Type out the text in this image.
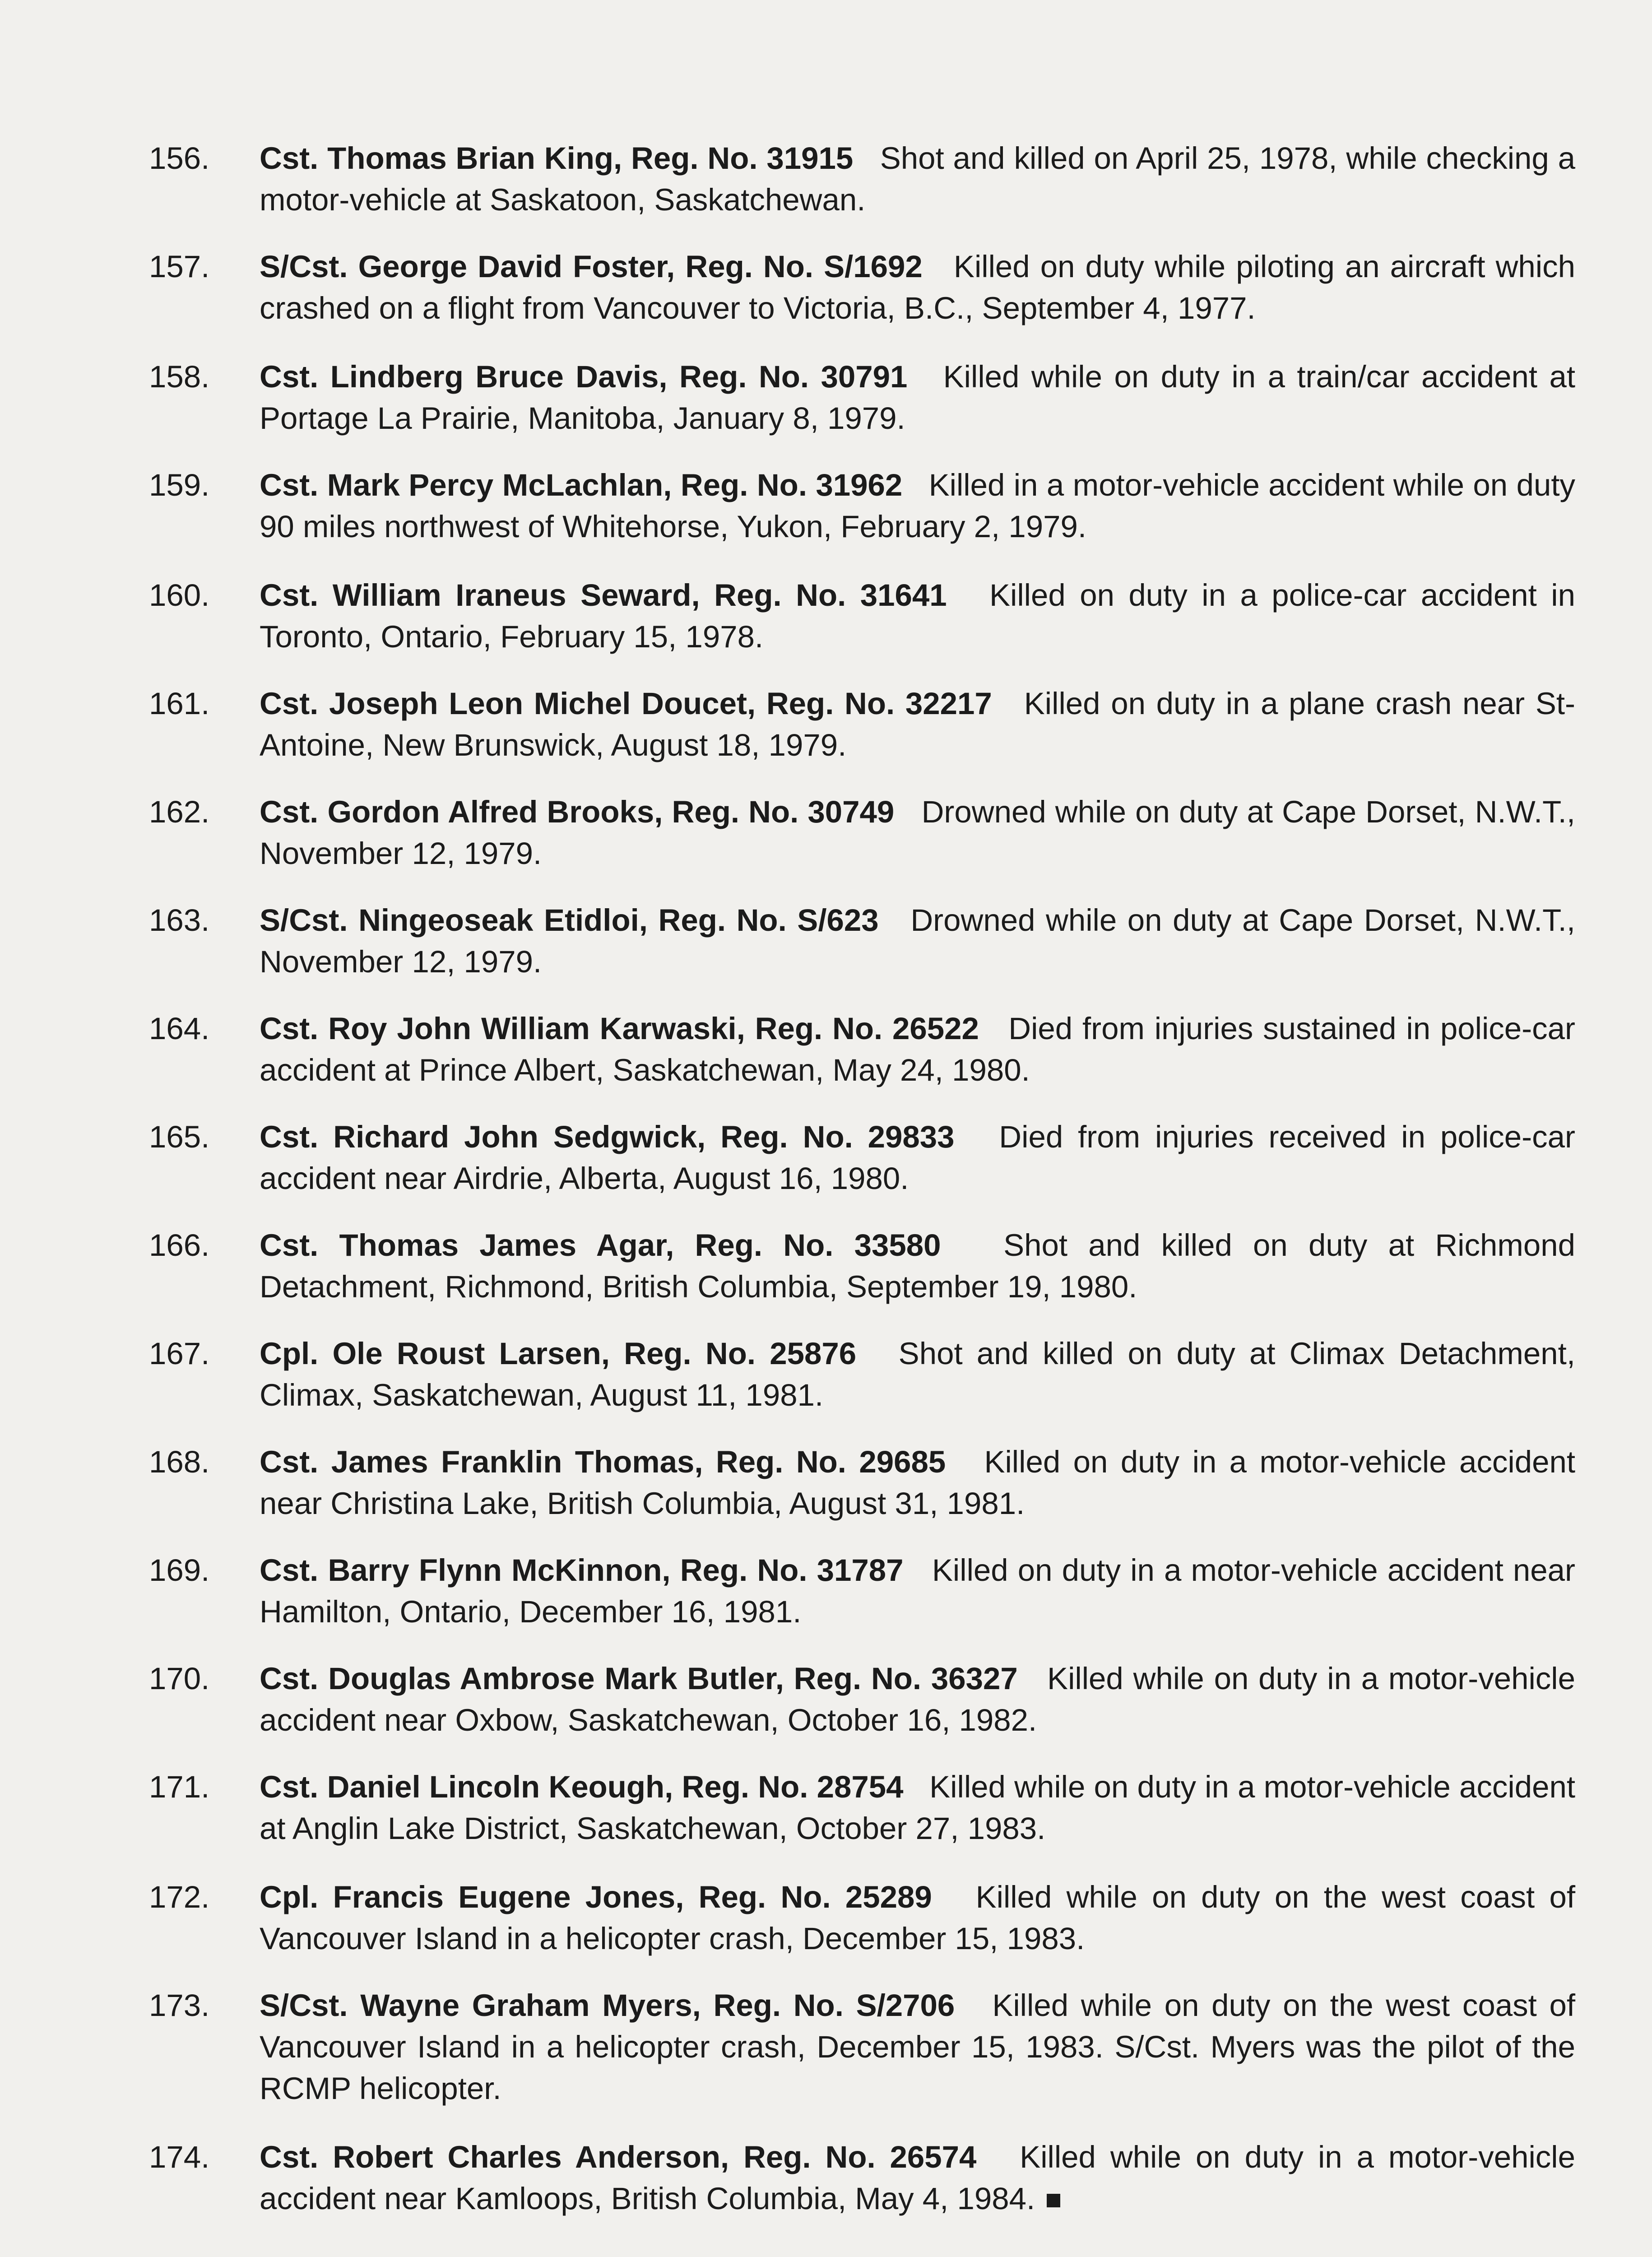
156.	Cst. Thomas Brian King, Reg. No. 31915 Shot and killed on April 25, 1978, while checking a motor-vehicle at Saskatoon, Saskatchewan.
157.	S/Cst. George David Foster, Reg. No. S/1692 Killed on duty while piloting an aircraft which crashed on a flight from Vancouver to Victoria, B.C., September 4, 1977.
158.	Cst. Lindberg Bruce Davis, Reg. No. 30791 Killed while on duty in a train/car accident at Portage La Prairie, Manitoba, January 8, 1979.
159.	Cst. Mark Percy McLachlan, Reg. No. 31962 Killed in a motor-vehicle accident while on duty 90 miles northwest of Whitehorse, Yukon, February 2, 1979.
160.	Cst. William Iraneus Seward, Reg. No. 31641 Killed on duty in a police-car accident in Toronto, Ontario, February 15, 1978.
161.	Cst. Joseph Leon Michel Doucet, Reg. No. 32217 Killed on duty in a plane crash near St-Antoine, New Brunswick, August 18, 1979.
162.	Cst. Gordon Alfred Brooks, Reg. No. 30749 Drowned while on duty at Cape Dorset, N.W.T., November 12, 1979.
163.	S/Cst. Ningeoseak Etidloi, Reg. No. S/623 Drowned while on duty at Cape Dorset, N.W.T., November 12, 1979.
164.	Cst. Roy John William Karwaski, Reg. No. 26522 Died from injuries sustained in police-car accident at Prince Albert, Saskatchewan, May 24, 1980.
165.	Cst. Richard John Sedgwick, Reg. No. 29833 Died from injuries received in police-car accident near Airdrie, Alberta, August 16, 1980.
166.	Cst. Thomas James Agar, Reg. No. 33580 Shot and killed on duty at Richmond Detachment, Richmond, British Columbia, September 19, 1980.
167.	Cpl. Ole Roust Larsen, Reg. No. 25876 Shot and killed on duty at Climax Detachment, Climax, Saskatchewan, August 11, 1981.
168.	Cst. James Franklin Thomas, Reg. No. 29685 Killed on duty in a motor-vehicle accident near Christina Lake, British Columbia, August 31, 1981.
169.	Cst. Barry Flynn McKinnon, Reg. No. 31787 Killed on duty in a motor-vehicle accident near Hamilton, Ontario, December 16, 1981.
170.	Cst. Douglas Ambrose Mark Butler, Reg. No. 36327 Killed while on duty in a motor-vehicle accident near Oxbow, Saskatchewan, October 16, 1982.
171.	Cst. Daniel Lincoln Keough, Reg. No. 28754 Killed while on duty in a motor-vehicle accident at Anglin Lake District, Saskatchewan, October 27, 1983.
172.	Cpl. Francis Eugene Jones, Reg. No. 25289 Killed while on duty on the west coast of Vancouver Island in a helicopter crash, December 15, 1983.
173.	S/Cst. Wayne Graham Myers, Reg. No. S/2706 Killed while on duty on the west coast of Vancouver Island in a helicopter crash, December 15, 1983. S/Cst. Myers was the pilot of the RCMP helicopter.
174.	Cst. Robert Charles Anderson, Reg. No. 26574 Killed while on duty in a motor-vehicle accident near Kamloops, British Columbia, May 4, 1984.
